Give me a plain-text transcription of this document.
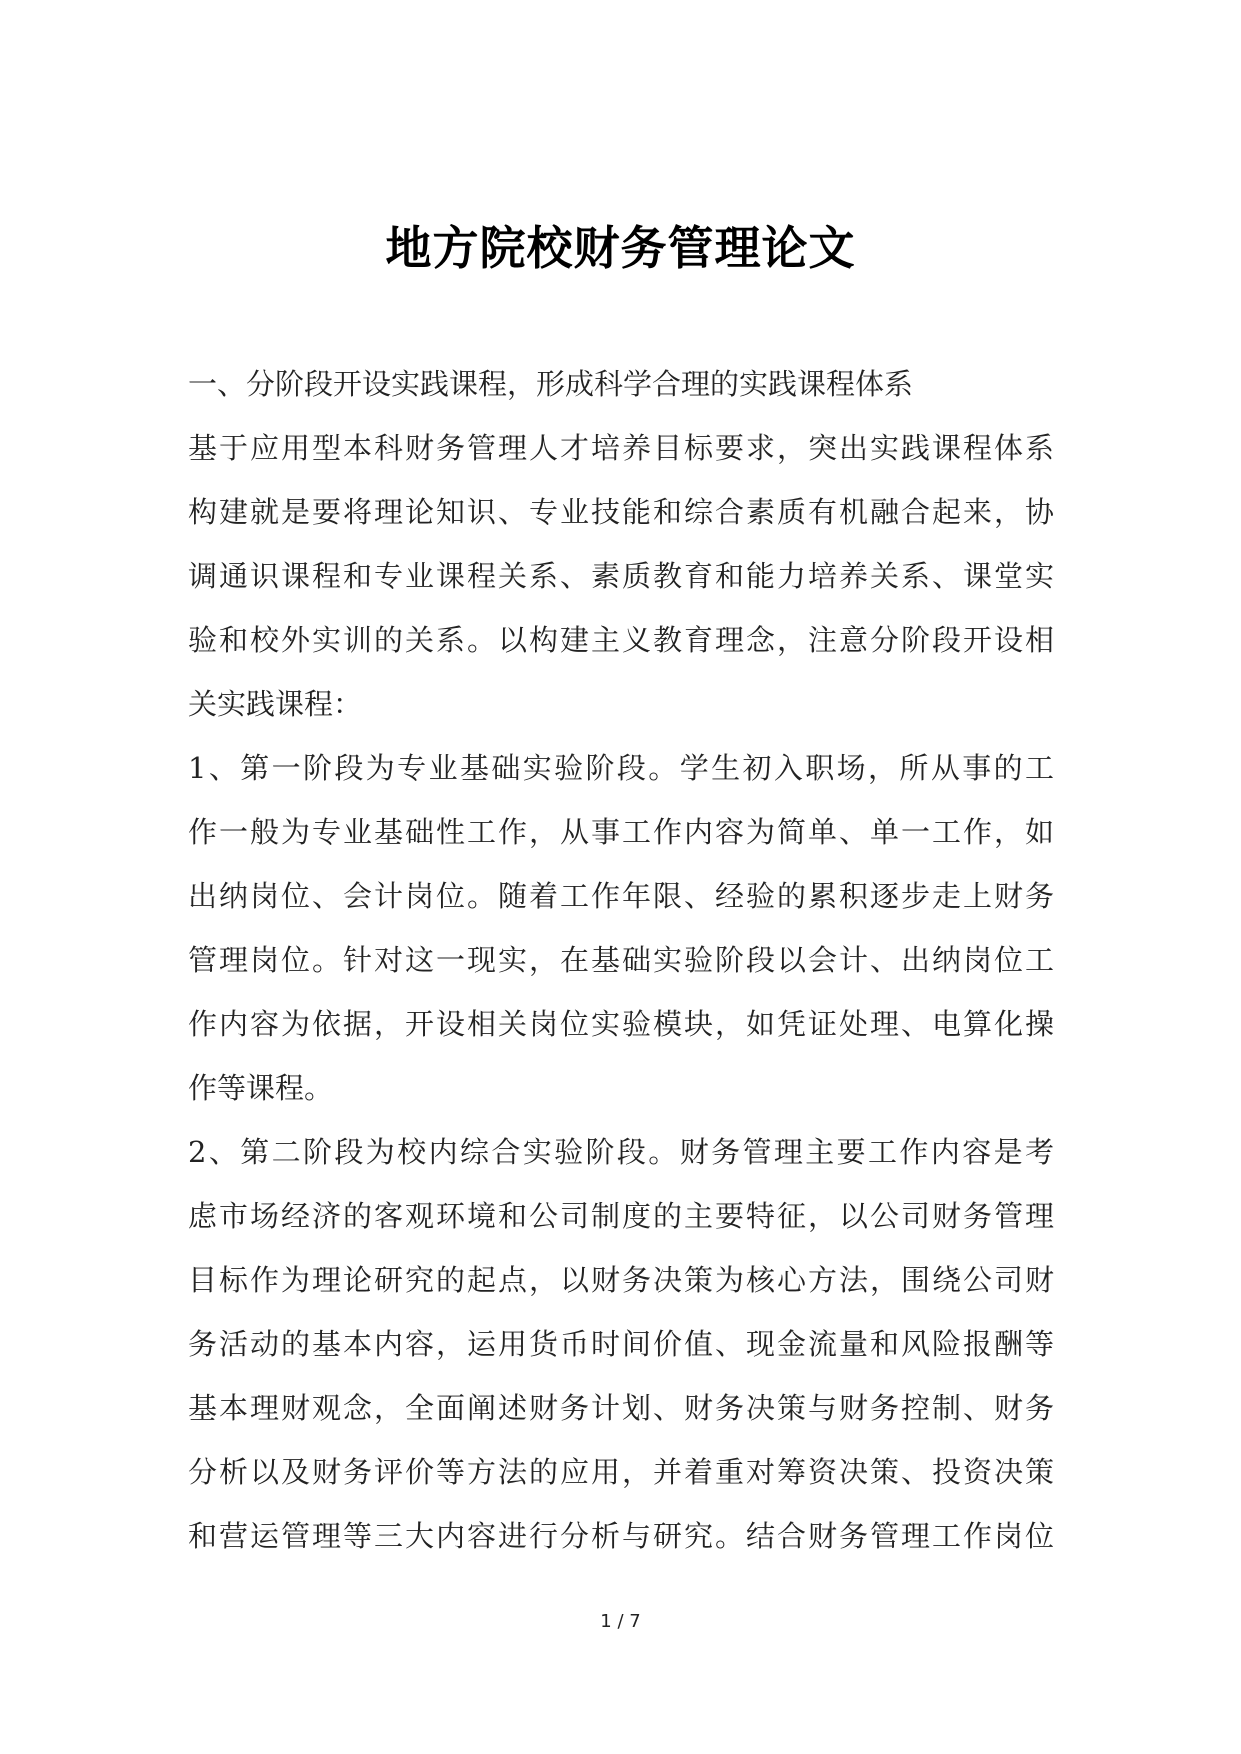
地方院校财务管理论文
一、分阶段开设实践课程，形成科学合理的实践课程体系
基于应用型本科财务管理人才培养目标要求，突出实践课程体系
构建就是要将理论知识、专业技能和综合素质有机融合起来，协
调通识课程和专业课程关系、素质教育和能力培养关系、课堂实
验和校外实训的关系。以构建主义教育理念，注意分阶段开设相
关实践课程：
1、第一阶段为专业基础实验阶段。学生初入职场，所从事的工
作一般为专业基础性工作，从事工作内容为简单、单一工作，如
出纳岗位、会计岗位。随着工作年限、经验的累积逐步走上财务
管理岗位。针对这一现实，在基础实验阶段以会计、出纳岗位工
作内容为依据，开设相关岗位实验模块，如凭证处理、电算化操
作等课程。
2、第二阶段为校内综合实验阶段。财务管理主要工作内容是考
虑市场经济的客观环境和公司制度的主要特征，以公司财务管理
目标作为理论研究的起点，以财务决策为核心方法，围绕公司财
务活动的基本内容，运用货币时间价值、现金流量和风险报酬等
基本理财观念，全面阐述财务计划、财务决策与财务控制、财务
分析以及财务评价等方法的应用，并着重对筹资决策、投资决策
和营运管理等三大内容进行分析与研究。结合财务管理工作岗位
1 / 7
